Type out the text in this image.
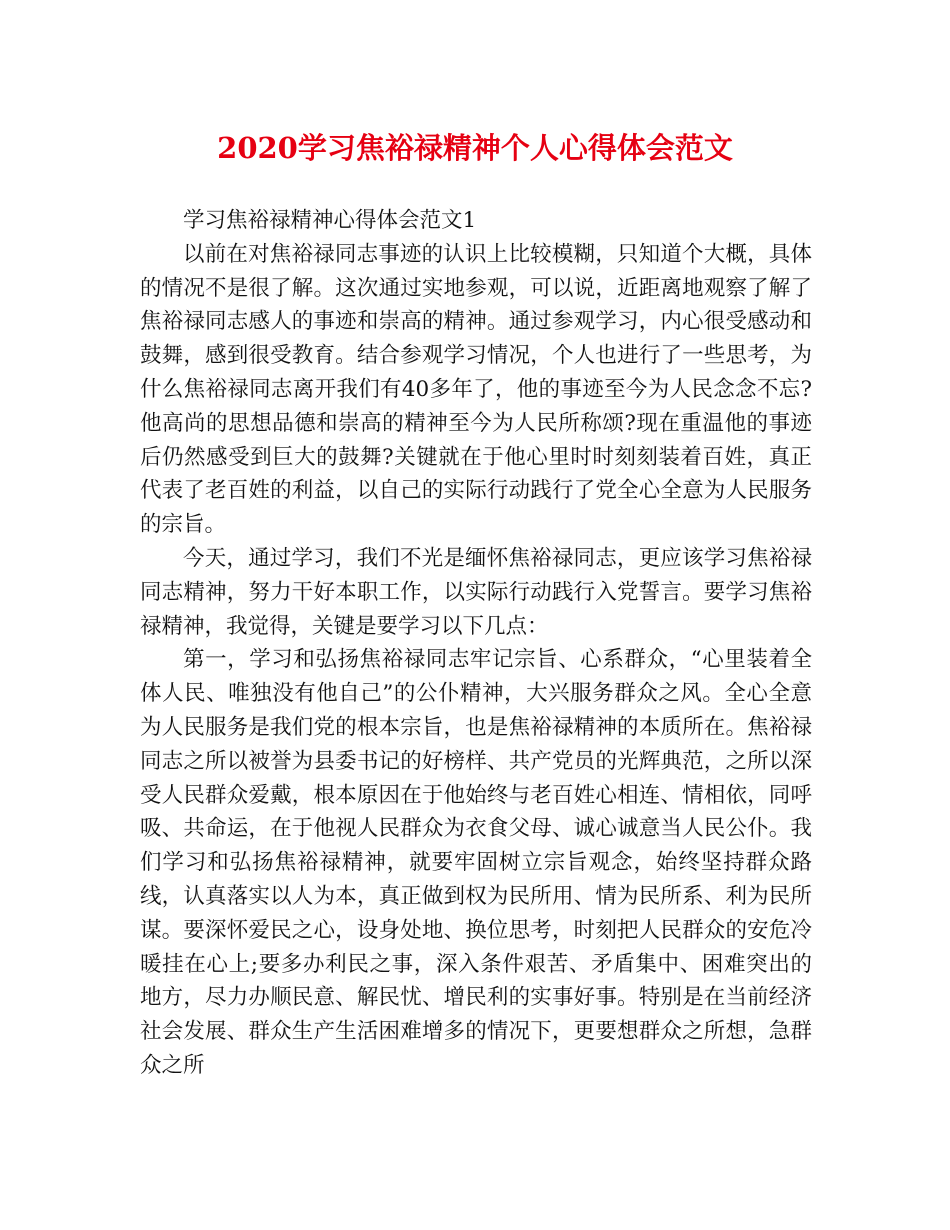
2020学习焦裕禄精神个人心得体会范文

学习焦裕禄精神心得体会范文1

以前在对焦裕禄同志事迹的认识上比较模糊，只知道个大概，具体的情况不是很了解。这次通过实地参观，可以说，近距离地观察了解了焦裕禄同志感人的事迹和崇高的精神。通过参观学习，内心很受感动和鼓舞，感到很受教育。结合参观学习情况，个人也进行了一些思考，为什么焦裕禄同志离开我们有40多年了，他的事迹至今为人民念念不忘?他高尚的思想品德和崇高的精神至今为人民所称颂?现在重温他的事迹后仍然感受到巨大的鼓舞?关键就在于他心里时时刻刻装着百姓，真正代表了老百姓的利益，以自己的实际行动践行了党全心全意为人民服务的宗旨。

今天，通过学习，我们不光是缅怀焦裕禄同志，更应该学习焦裕禄同志精神，努力干好本职工作，以实际行动践行入党誓言。要学习焦裕禄精神，我觉得，关键是要学习以下几点：

第一，学习和弘扬焦裕禄同志牢记宗旨、心系群众，“心里装着全体人民、唯独没有他自己”的公仆精神，大兴服务群众之风。全心全意为人民服务是我们党的根本宗旨，也是焦裕禄精神的本质所在。焦裕禄同志之所以被誉为县委书记的好榜样、共产党员的光辉典范，之所以深受人民群众爱戴，根本原因在于他始终与老百姓心相连、情相依，同呼吸、共命运，在于他视人民群众为衣食父母、诚心诚意当人民公仆。我们学习和弘扬焦裕禄精神，就要牢固树立宗旨观念，始终坚持群众路线，认真落实以人为本，真正做到权为民所用、情为民所系、利为民所谋。要深怀爱民之心，设身处地、换位思考，时刻把人民群众的安危冷暖挂在心上;要多办利民之事，深入条件艰苦、矛盾集中、困难突出的地方，尽力办顺民意、解民忧、增民利的实事好事。特别是在当前经济社会发展、群众生产生活困难增多的情况下，更要想群众之所想，急群众之所
